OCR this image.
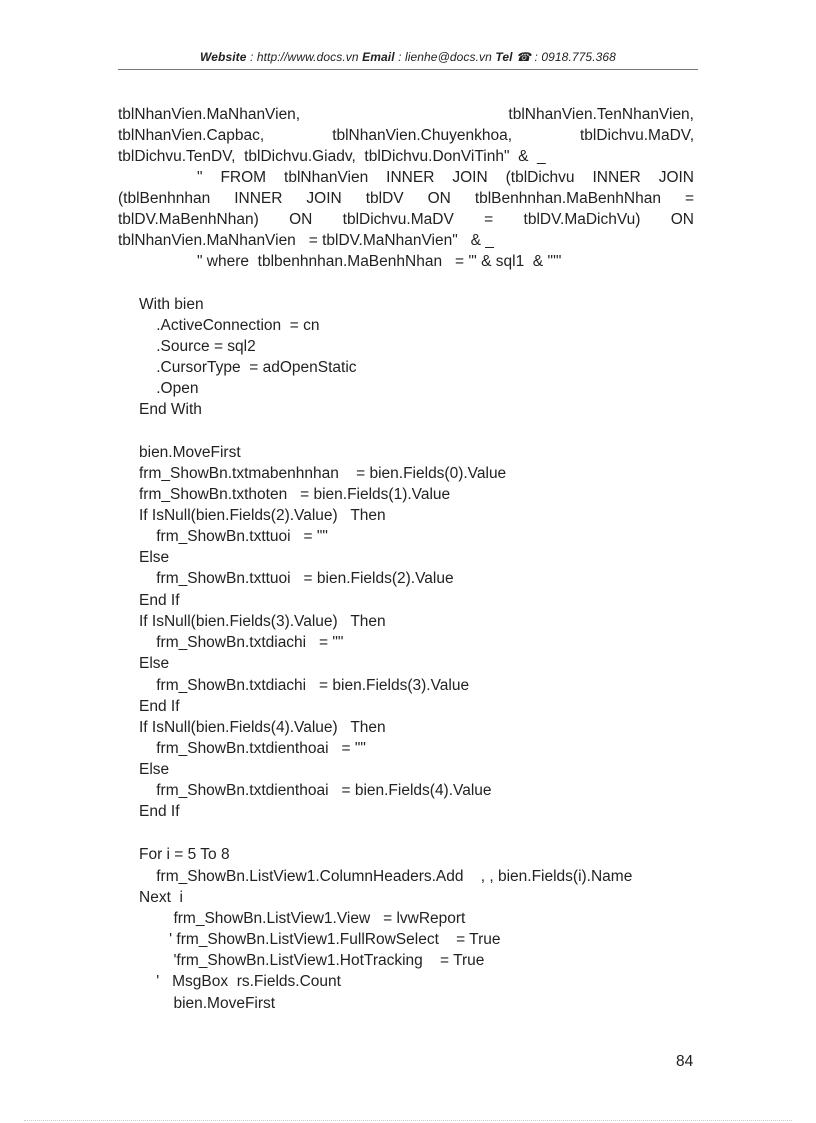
Website : http://www.docs.vn Email : lienhe@docs.vn Tel ☎ : 0918.775.368
tblNhanVien.MaNhanVien, tblNhanVien.TenNhanVien,
tblNhanVien.Capbac, tblNhanVien.Chuyenkhoa, tblDichvu.MaDV,
tblDichvu.TenDV,  tblDichvu.Giadv,  tblDichvu.DonViTinh"  &  _
" FROM tblNhanVien INNER JOIN (tblDichvu INNER JOIN
(tblBenhnhan INNER JOIN tblDV ON tblBenhnhan.MaBenhNhan =
tblDV.MaBenhNhan) ON tblDichvu.MaDV = tblDV.MaDichVu) ON
tblNhanVien.MaNhanVien   = tblDV.MaNhanVien"   & _
" where  tblbenhnhan.MaBenhNhan   = '" & sql1  & "'"
With bien
.ActiveConnection  = cn
.Source = sql2
.CursorType  = adOpenStatic
.Open
End With
bien.MoveFirst
frm_ShowBn.txtmabenhnhan    = bien.Fields(0).Value
frm_ShowBn.txthoten   = bien.Fields(1).Value
If IsNull(bien.Fields(2).Value)   Then
frm_ShowBn.txttuoi   = ""
Else
frm_ShowBn.txttuoi   = bien.Fields(2).Value
End If
If IsNull(bien.Fields(3).Value)   Then
frm_ShowBn.txtdiachi   = ""
Else
frm_ShowBn.txtdiachi   = bien.Fields(3).Value
End If
If IsNull(bien.Fields(4).Value)   Then
frm_ShowBn.txtdienthoai   = ""
Else
frm_ShowBn.txtdienthoai   = bien.Fields(4).Value
End If
For i = 5 To 8
frm_ShowBn.ListView1.ColumnHeaders.Add    , , bien.Fields(i).Name
Next  i
frm_ShowBn.ListView1.View   = lvwReport
' frm_ShowBn.ListView1.FullRowSelect    = True
'frm_ShowBn.ListView1.HotTracking    = True
'   MsgBox  rs.Fields.Count
bien.MoveFirst
84
